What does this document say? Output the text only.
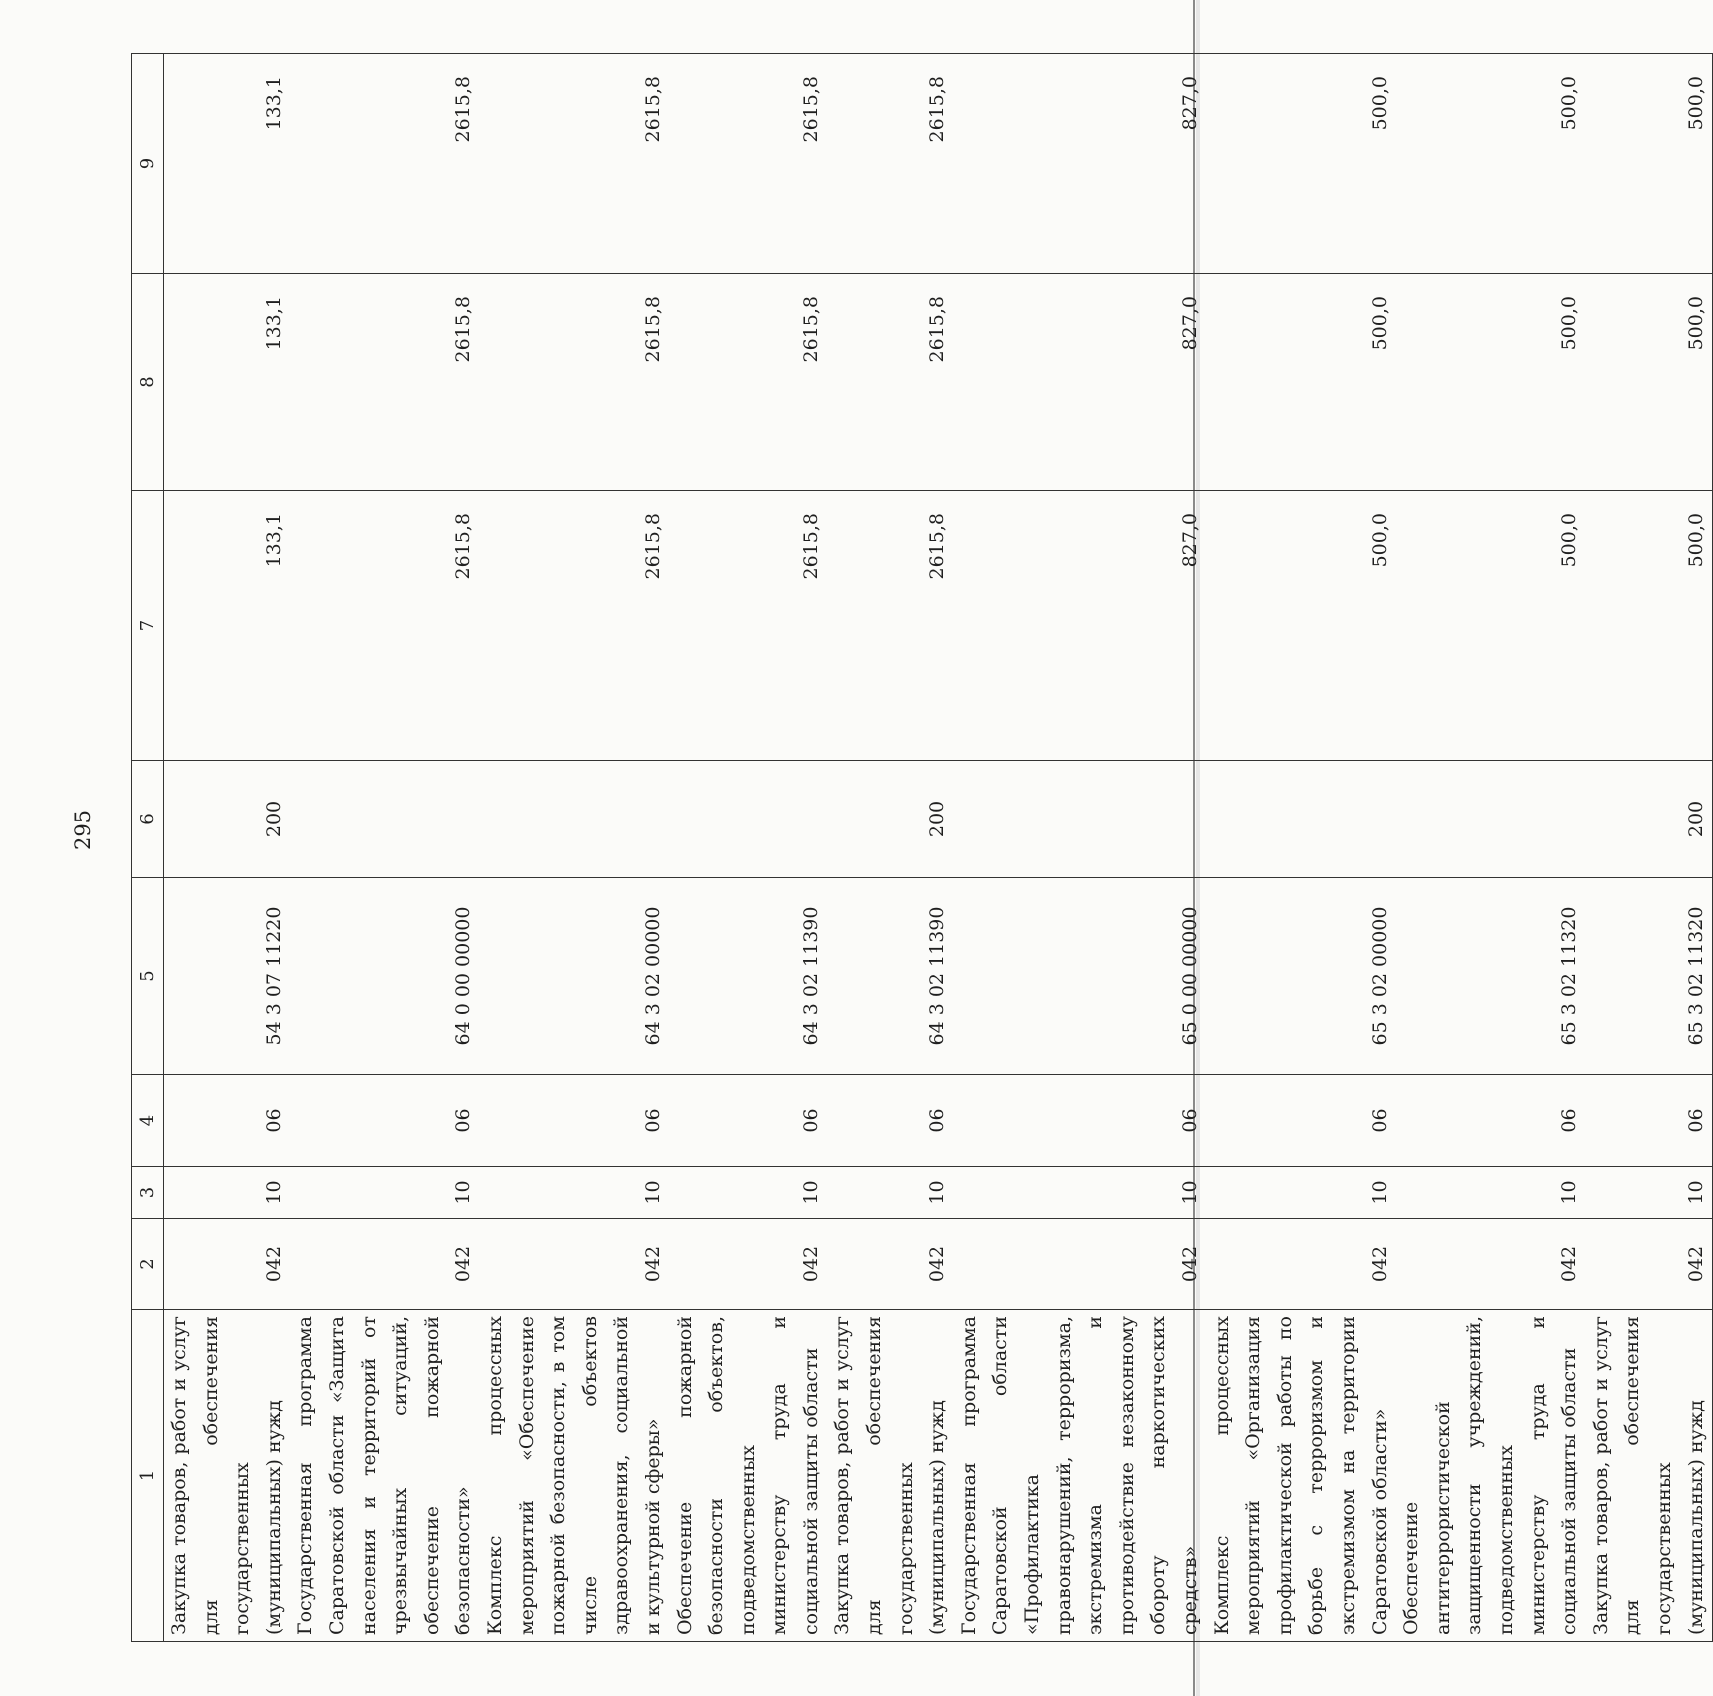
295
1	2	3	4	5	6	7	8	9

Закупка товаров, работ и услуг для обеспечения государственных (муниципальных) нужд	042	10	06	54 3 07 11220	200	133,1	133,1	133,1

Государственная программа Саратовской области «Защита населения и территорий от чрезвычайных ситуаций, обеспечение пожарной безопасности»	042	10	06	64 0 00 00000		2615,8	2615,8	2615,8

Комплекс процессных мероприятий «Обеспечение пожарной безопасности, в том числе объектов здравоохранения, социальной и культурной сферы»	042	10	06	64 3 02 00000		2615,8	2615,8	2615,8

Обеспечение пожарной безопасности объектов, подведомственных министерству труда и социальной защиты области	042	10	06	64 3 02 11390		2615,8	2615,8	2615,8

Закупка товаров, работ и услуг для обеспечения государственных (муниципальных) нужд	042	10	06	64 3 02 11390	200	2615,8	2615,8	2615,8

Государственная программа Саратовской области «Профилактика правонарушений, терроризма, экстремизма и противодействие незаконному обороту наркотических средств»	042	10	06	65 0 00 00000		827,0	827,0	827,0

Комплекс процессных мероприятий «Организация профилактической работы по борьбе с терроризмом и экстремизмом на территории Саратовской области»	042	10	06	65 3 02 00000		500,0	500,0	500,0

Обеспечение антитеррористической защищенности учреждений, подведомственных министерству труда и социальной защиты области	042	10	06	65 3 02 11320		500,0	500,0	500,0

Закупка товаров, работ и услуг для обеспечения государственных (муниципальных) нужд	042	10	06	65 3 02 11320	200	500,0	500,0	500,0
